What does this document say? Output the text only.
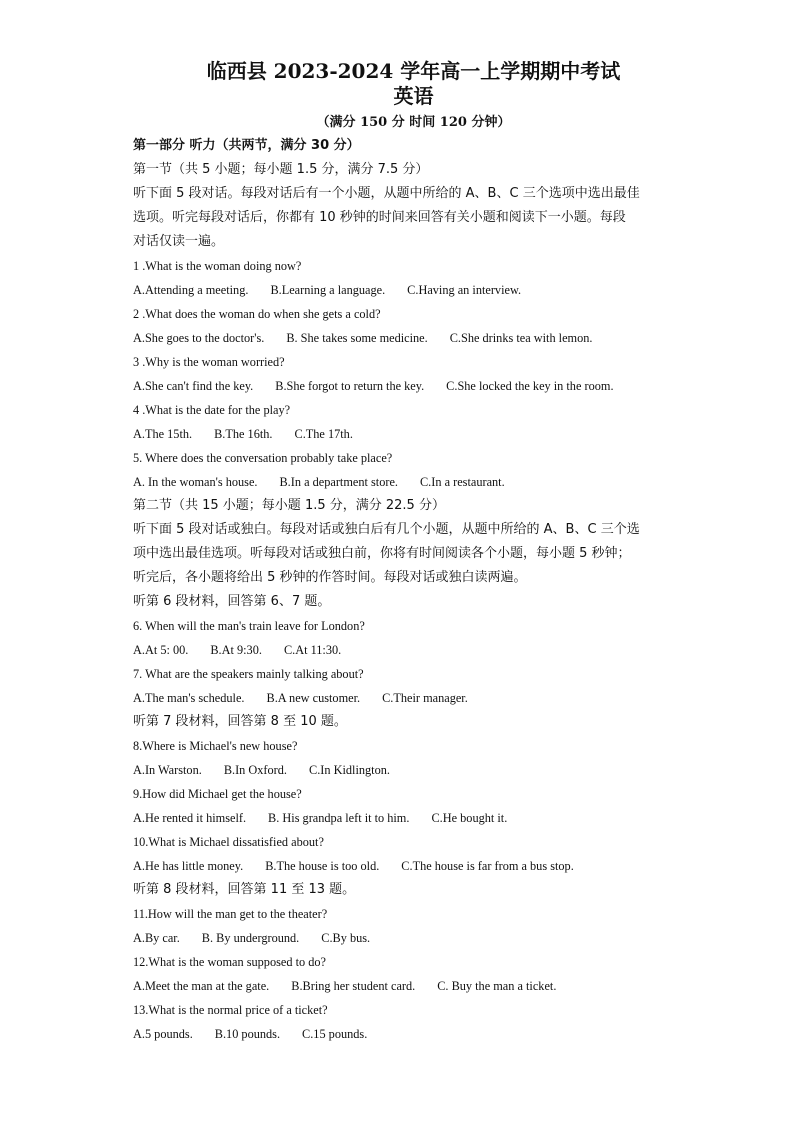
临西县 2023-2024 学年高一上学期期中考试
英语
（满分 150 分 时间 120 分钟）
第一部分 听力（共两节，满分 30 分）
第一节（共 5 小题；每小题 1.5 分，满分 7.5 分）
听下面 5 段对话。每段对话后有一个小题，从题中所给的 A、B、C 三个选项中选出最佳
选项。听完每段对话后，你都有 10 秒钟的时间来回答有关小题和阅读下一小题。每段
对话仅读一遍。
1 .What is the woman doing now?
A.Attending a meeting. B.Learning a language. C.Having an interview.
2 .What does the woman do when she gets a cold?
A.She goes to the doctor's. B. She takes some medicine. C.She drinks tea with lemon.
3 .Why is the woman worried?
A.She can't find the key. B.She forgot to return the key. C.She locked the key in the room.
4 .What is the date for the play?
A.The 15th. B.The 16th. C.The 17th.
5. Where does the conversation probably take place?
A. In the woman's house. B.In a department store. C.In a restaurant.
第二节（共 15 小题；每小题 1.5 分，满分 22.5 分）
听下面 5 段对话或独白。每段对话或独白后有几个小题，从题中所给的 A、B、C 三个选
项中选出最佳选项。听每段对话或独白前，你将有时间阅读各个小题，每小题 5 秒钟；
听完后，各小题将给出 5 秒钟的作答时间。每段对话或独白读两遍。
听第 6 段材料，回答第 6、7 题。
6. When will the man's train leave for London?
A.At 5: 00. B.At 9:30. C.At 11:30.
7. What are the speakers mainly talking about?
A.The man's schedule. B.A new customer. C.Their manager.
听第 7 段材料，回答第 8 至 10 题。
8.Where is Michael's new house?
A.In Warston. B.In Oxford. C.In Kidlington.
9.How did Michael get the house?
A.He rented it himself. B. His grandpa left it to him. C.He bought it.
10.What is Michael dissatisfied about?
A.He has little money. B.The house is too old. C.The house is far from a bus stop.
听第 8 段材料，回答第 11 至 13 题。
11.How will the man get to the theater?
A.By car. B. By underground. C.By bus.
12.What is the woman supposed to do?
A.Meet the man at the gate. B.Bring her student card. C. Buy the man a ticket.
13.What is the normal price of a ticket?
A.5 pounds. B.10 pounds. C.15 pounds.
